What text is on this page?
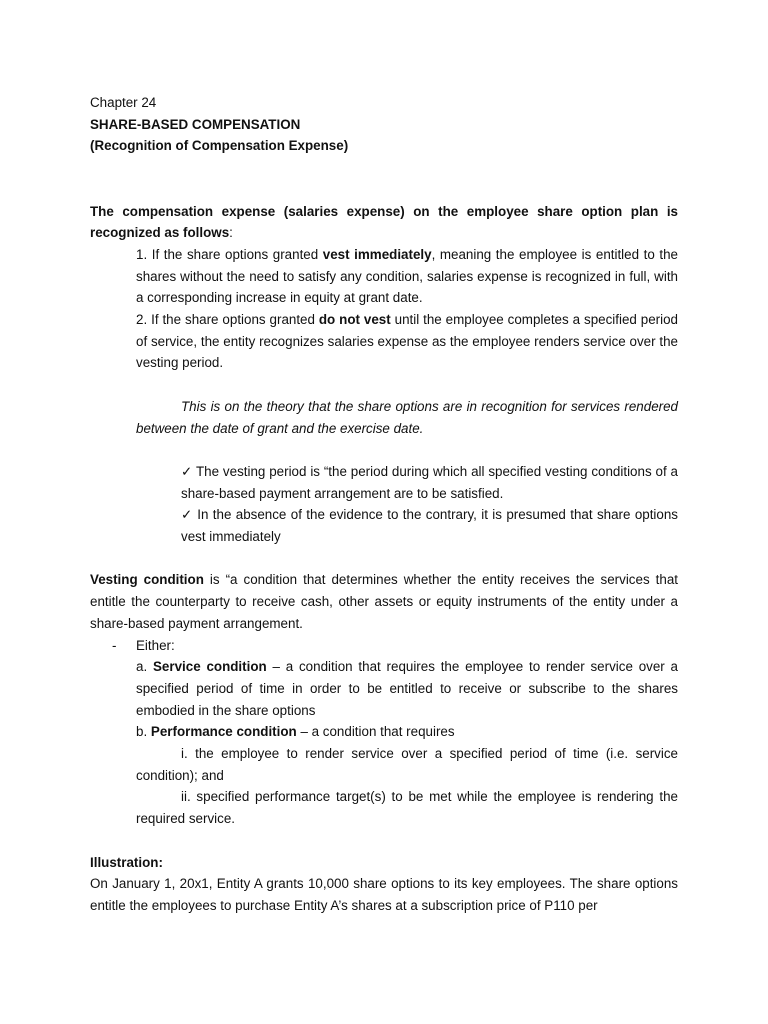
Chapter 24

SHARE-BASED COMPENSATION

(Recognition of Compensation Expense)

The compensation expense (salaries expense) on the employee share option plan is recognized as follows:

1. If the share options granted vest immediately, meaning the employee is entitled to the shares without the need to satisfy any condition, salaries expense is recognized in full, with a corresponding increase in equity at grant date.

2. If the share options granted do not vest until the employee completes a specified period of service, the entity recognizes salaries expense as the employee renders service over the vesting period.

This is on the theory that the share options are in recognition for services rendered between the date of grant and the exercise date.

✓ The vesting period is “the period during which all specified vesting conditions of a share-based payment arrangement are to be satisfied.

✓ In the absence of the evidence to the contrary, it is presumed that share options vest immediately

Vesting condition is “a condition that determines whether the entity receives the services that entitle the counterparty to receive cash, other assets or equity instruments of the entity under a share-based payment arrangement.

-	Either:

a. Service condition – a condition that requires the employee to render service over a specified period of time in order to be entitled to receive or subscribe to the shares embodied in the share options

b. Performance condition – a condition that requires

i. the employee to render service over a specified period of time (i.e. service condition); and

ii. specified performance target(s) to be met while the employee is rendering the required service.

Illustration:

On January 1, 20x1, Entity A grants 10,000 share options to its key employees. The share options entitle the employees to purchase Entity A’s shares at a subscription price of P110 per
